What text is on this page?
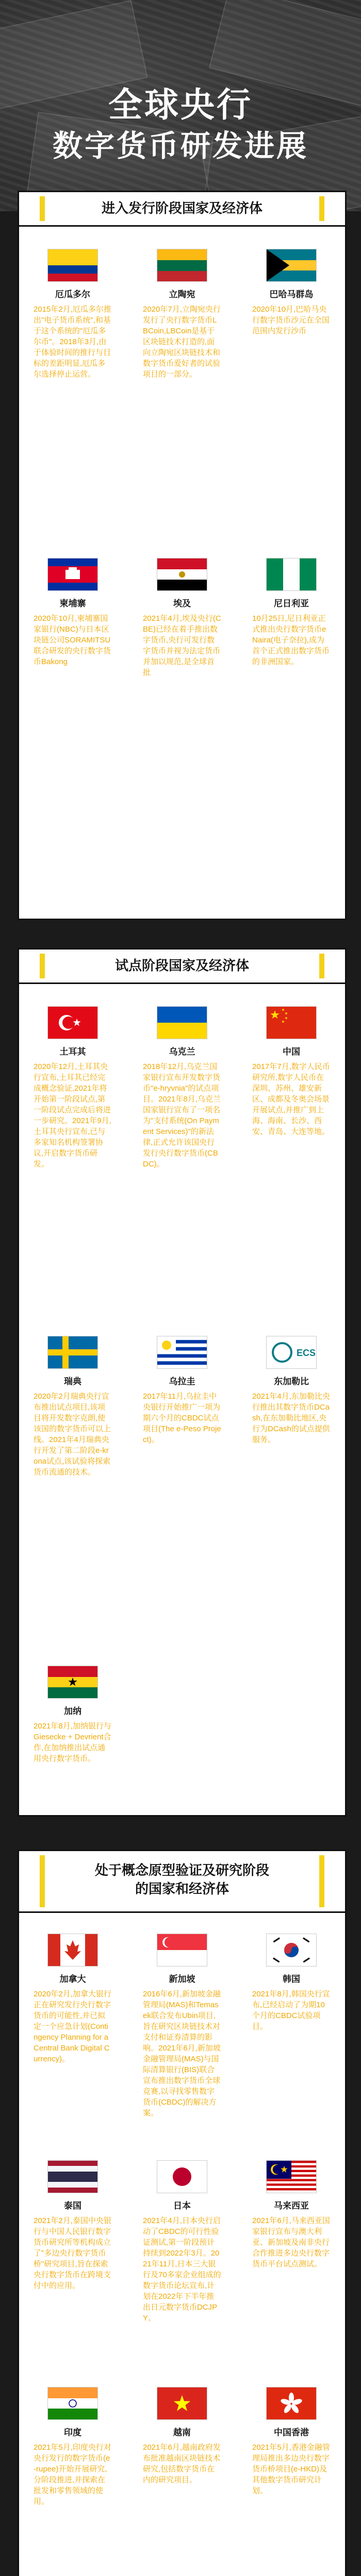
全球央行
数字货币研发进展
进入发行阶段国家及经济体
厄瓜多尔
2015年2月,厄瓜多尔推出"电子货币系统",和基于这个系统的"厄瓜多尔币"。2018年3月,由于体验时间的推行与目标的差距明显,厄瓜多尔选择停止运营。
立陶宛
2020年7月,立陶宛央行发行了央行数字货币LBCoin,LBCoin是基于区块链技术打造的,面向立陶宛区块链技术和数字货币爱好者的试验项目的一部分。
巴哈马群岛
2020年10月,巴哈马央行数字货币沙元在全国范围内发行沙币
柬埔寨
2020年10月,柬埔寨国家银行(NBC)与日本区块链公司SORAMITSU联合研发的央行数字货币Bakong
埃及
2021年4月,埃及央行(CBE)已经在着手推出数字货币,央行可发行数字货币并视为法定货币并加以规范,是全球首批
尼日利亚
10月25日,尼日利亚正式推出央行数字货币eNaira(电子奈拉),成为首个正式推出数字货币的非洲国家。
试点阶段国家及经济体
土耳其
2020年12月,土耳其央行宣布,土耳其已经完成概念验证,2021年将开始第一阶段试点,第一阶段试点完成后将进一步研究。2021年9月,土耳其央行宣布,已与多家知名机构签署协议,开启数字货币研发。
乌克兰
2018年12月,乌克兰国家银行宣布开发数字货币"e-hryvnia"的试点项目。2021年8月,乌克兰国家银行宣布了一项名为"支付系统(On Payment Services)"的新法律,正式允许该国央行发行央行数字货币(CBDC)。
中国
2017年7月,数字人民币研究所,数字人民币在深圳、苏州、雄安新区、成都及冬奥会场景开展试点,并推广到上海、海南、长沙、西安、青岛、大连等地。
瑞典
2020年2月瑞典央行宣布推出试点项目,该项目将开发数字克朗,使该国的数字货币可以上线。2021年4月瑞典央行开发了第二阶段e-krona试点,该试验将探索货币流通的技术。
乌拉圭
2017年11月,乌拉圭中央银行开始推广一项为期六个月的CBDC试点项目(The e-Peso Project)。
ECS
东加勒比
2021年4月,东加勒比央行推出其数字货币DCash,在东加勒比地区,央行为DCash的试点提供服务。
加纳
2021年8月,加纳银行与Giesecke + Devrient合作,在加纳推出试点通用央行数字货币。
处于概念原型验证及研究阶段的国家和经济体
加拿大
2020年2月,加拿大银行正在研究发行央行数字货币的可能性,并已拟定一个应急计划(Contingency Planning for a Central Bank Digital Currency)。
新加坡
2016年6月,新加坡金融管理局(MAS)和Temasek联合发布Ubin项目,旨在研究区块链技术对支付和证券清算的影响。2021年6月,新加坡金融管理局(MAS)与国际清算银行(BIS)联合宣布推出数字货币全球竞赛,以寻找零售数字货币(CBDC)的解决方案。
韩国
2021年8月,韩国央行宣布,已经启动了为期10个月的CBDC试验项目。
泰国
2021年2月,泰国中央银行与中国人民银行数字货币研究所等机构成立了"多边央行数字货币桥"研究项目,旨在探索央行数字货币在跨境支付中的应用。
日本
2021年4月,日本央行启动了CBDC的可行性验证测试,第一阶段预计持续到2022年3月。2021年11月,日本三大银行及70多家企业组成的数字货币论坛宣布,计划在2022年下半年推出日元数字货币DCJPY。
马来西亚
2021年6月,马来西亚国家银行宣布与澳大利亚、新加坡及南非央行合作推进多边央行数字货币平台试点测试。
印度
2021年5月,印度央行对央行发行的数字货币(e-rupee)开始开展研究,分阶段推进,并探索在批发和零售领域的使用。
越南
2021年6月,越南政府发布批准越南区块链技术研究,包括数字货币在内的研究项目。
中国香港
2021年5月,香港金融管理局推出多边央行数字货币桥项目(e-HKD)及其他数字货币研究计划。
